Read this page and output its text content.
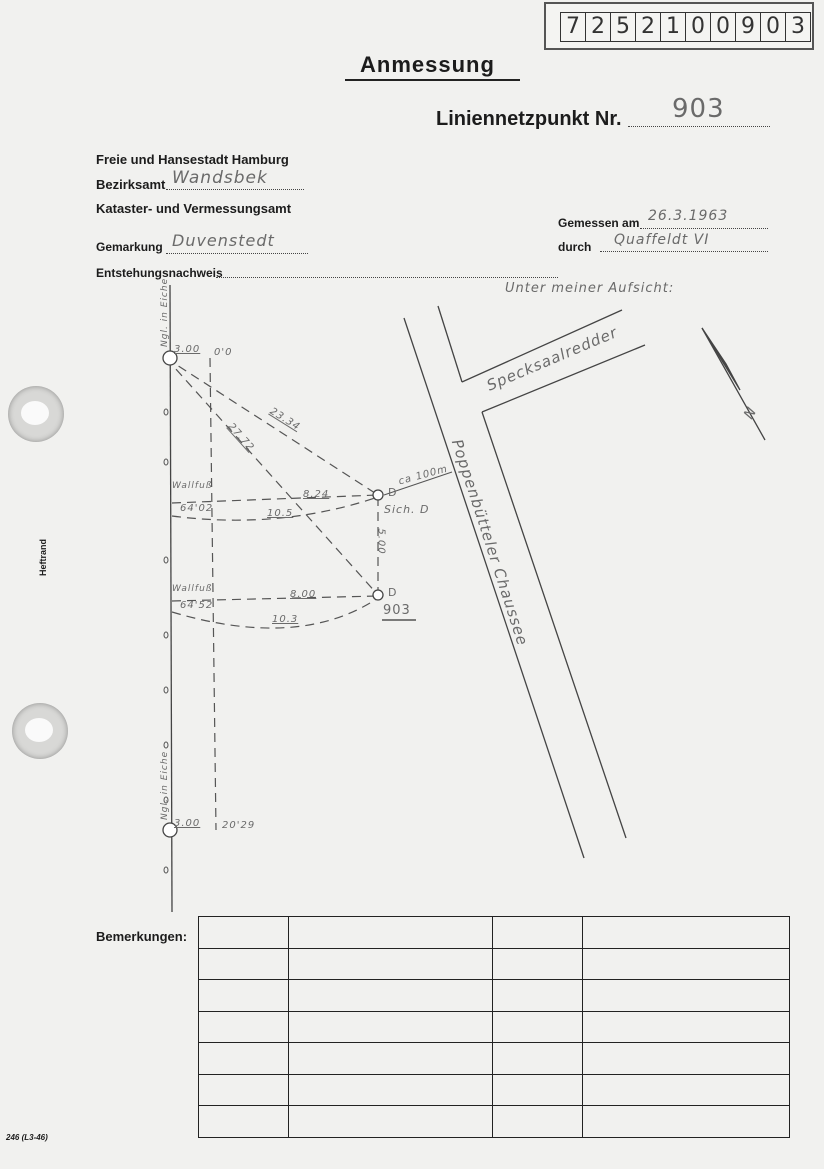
7 2 5 2 1 0 0 9 0 3
Anmessung
Liniennetzpunkt Nr. 903
Freie und Hansestadt Hamburg
Bezirksamt Wandsbek
Kataster- und Vermessungsamt
Gemarkung Duvenstedt
Gemessen am 26.3.1963
durch Quaffeldt VI
Entstehungsnachweis
Unter meiner Aufsicht:
Heftrand
Specksaalredder
Poppenbütteler Chaussee
N
Ngl. in Eiche
Ngl. in Eiche
3.00 0'0
23.34
27.72
Wallfuß
64'02
8.24
10.5
D
Sich. D
ca 100m
5.00
Wallfuß
64'52
8.00
10.3
D
903
3.00 20'29
Bemerkungen:

246 (L3-46)
